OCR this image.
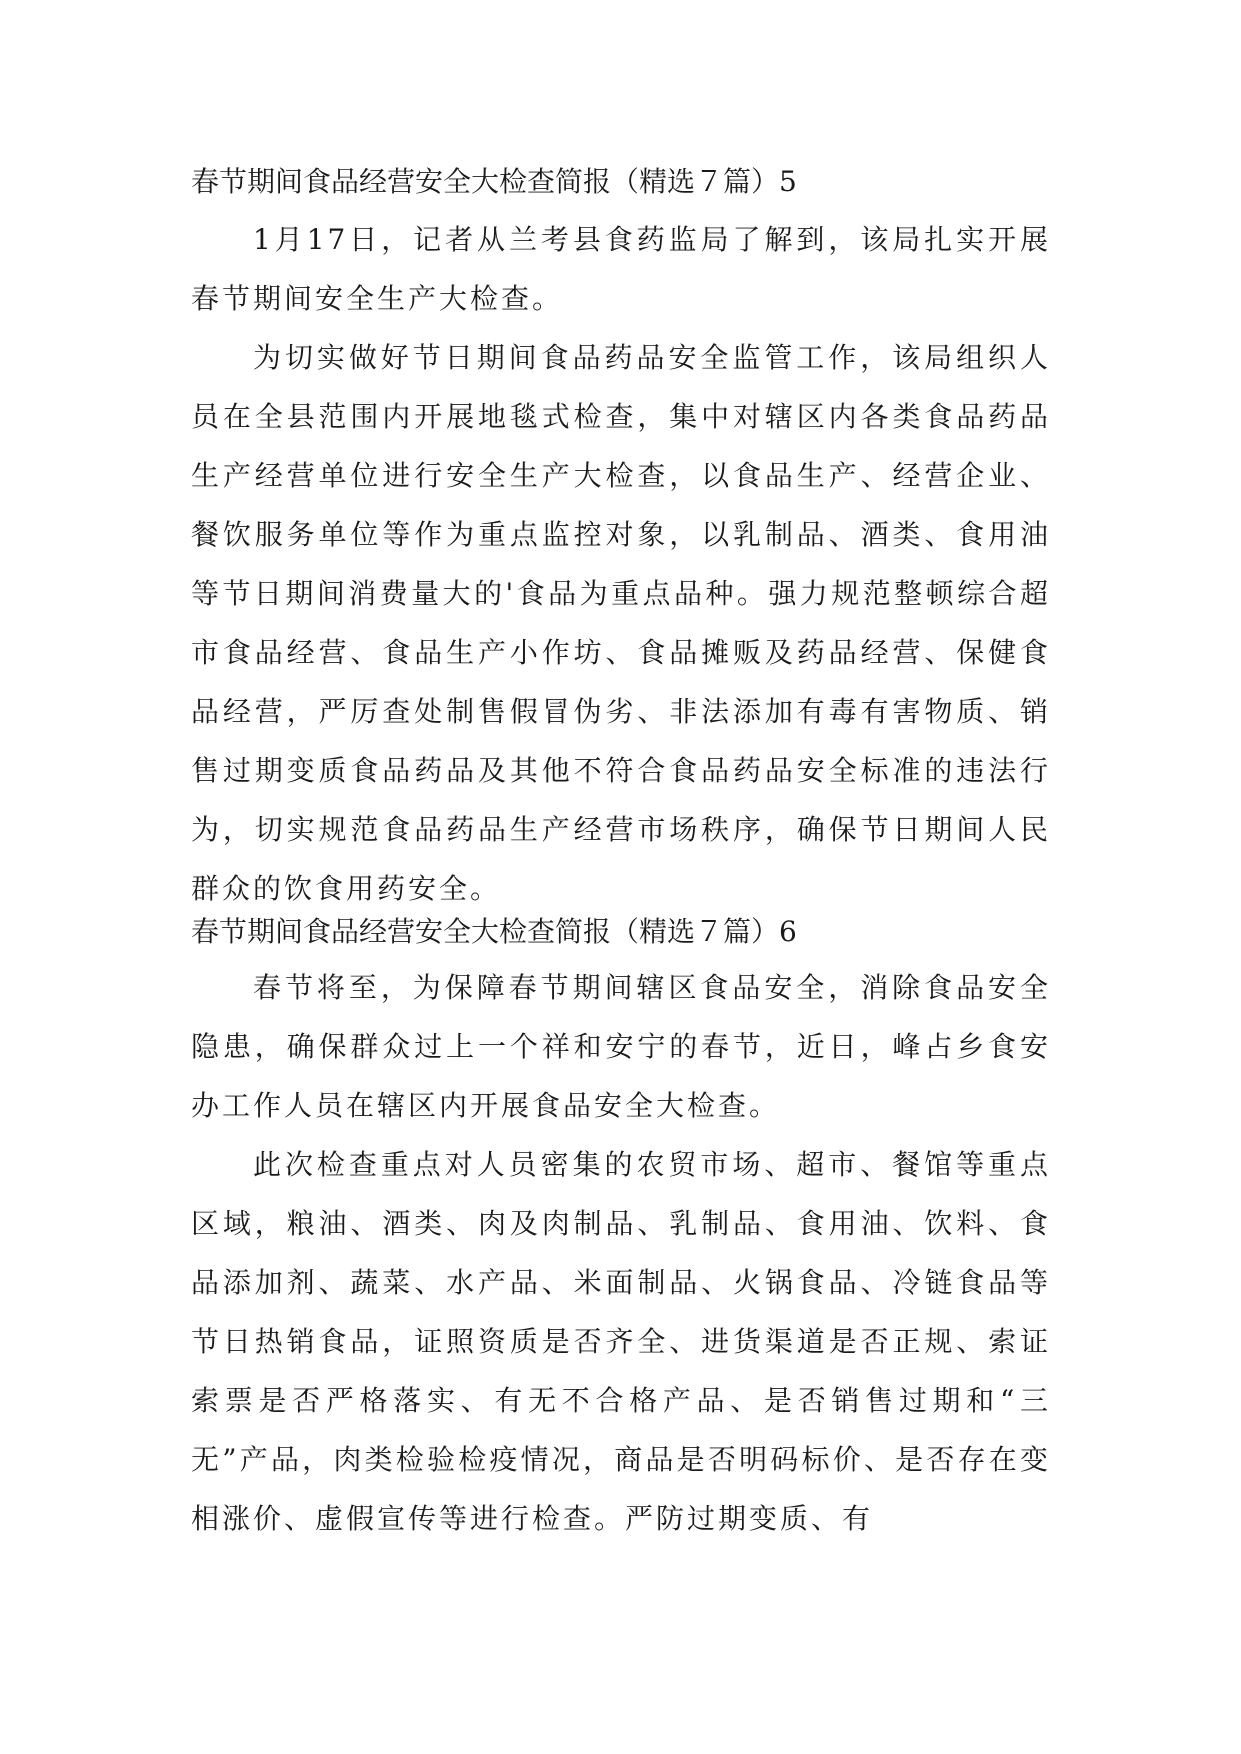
春节期间食品经营安全大检查简报（精选７篇）5

1月17日，记者从兰考县食药监局了解到，该局扎实开展春节期间安全生产大检查。

为切实做好节日期间食品药品安全监管工作，该局组织人员在全县范围内开展地毯式检查，集中对辖区内各类食品药品生产经营单位进行安全生产大检查，以食品生产、经营企业、餐饮服务单位等作为重点监控对象，以乳制品、酒类、食用油等节日期间消费量大的'食品为重点品种。强力规范整顿综合超市食品经营、食品生产小作坊、食品摊贩及药品经营、保健食品经营，严厉查处制售假冒伪劣、非法添加有毒有害物质、销售过期变质食品药品及其他不符合食品药品安全标准的违法行为，切实规范食品药品生产经营市场秩序，确保节日期间人民群众的饮食用药安全。

春节期间食品经营安全大检查简报（精选７篇）6

春节将至，为保障春节期间辖区食品安全，消除食品安全隐患，确保群众过上一个祥和安宁的春节，近日，峰占乡食安办工作人员在辖区内开展食品安全大检查。

此次检查重点对人员密集的农贸市场、超市、餐馆等重点区域，粮油、酒类、肉及肉制品、乳制品、食用油、饮料、食品添加剂、蔬菜、水产品、米面制品、火锅食品、冷链食品等节日热销食品，证照资质是否齐全、进货渠道是否正规、索证索票是否严格落实、有无不合格产品、是否销售过期和“三无”产品，肉类检验检疫情况，商品是否明码标价、是否存在变相涨价、虚假宣传等进行检查。严防过期变质、有
